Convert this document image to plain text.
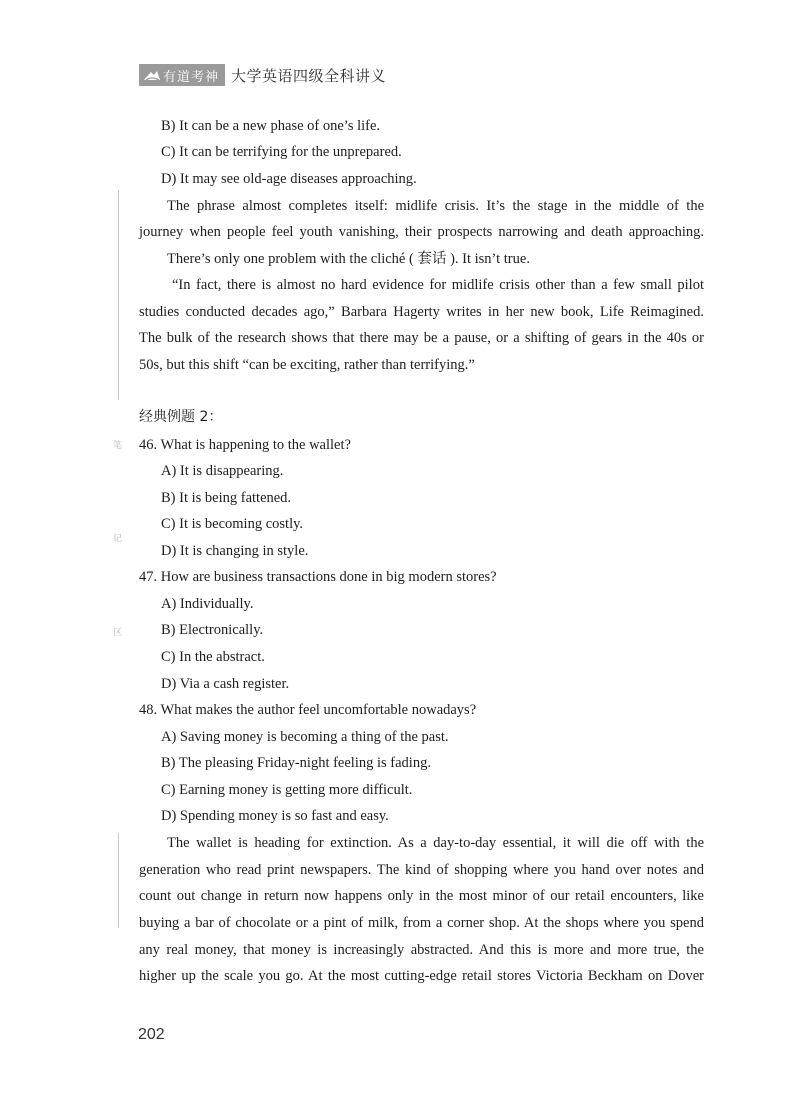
有道考神 大学英语四级全科讲义
笔
记
区
B) It can be a new phase of one’s life.
C) It can be terrifying for the unprepared.
D) It may see old-age diseases approaching.
The phrase almost completes itself: midlife crisis. It’s the stage in the middle of the
journey when people feel youth vanishing, their prospects narrowing and death approaching.
There’s only one problem with the cliché ( 套话 ). It isn’t true.
“In fact, there is almost no hard evidence for midlife crisis other than a few small pilot
studies conducted decades ago,” Barbara Hagerty writes in her new book, Life Reimagined.
The bulk of the research shows that there may be a pause, or a shifting of gears in the 40s or
50s, but this shift “can be exciting, rather than terrifying.”
经典例题 2：
46. What is happening to the wallet?
A) It is disappearing.
B) It is being fattened.
C) It is becoming costly.
D) It is changing in style.
47. How are business transactions done in big modern stores?
A) Individually.
B) Electronically.
C) In the abstract.
D) Via a cash register.
48. What makes the author feel uncomfortable nowadays?
A) Saving money is becoming a thing of the past.
B) The pleasing Friday-night feeling is fading.
C) Earning money is getting more difficult.
D) Spending money is so fast and easy.
The wallet is heading for extinction. As a day-to-day essential, it will die off with the
generation who read print newspapers. The kind of shopping where you hand over notes and
count out change in return now happens only in the most minor of our retail encounters, like
buying a bar of chocolate or a pint of milk, from a corner shop. At the shops where you spend
any real money, that money is increasingly abstracted. And this is more and more true, the
higher up the scale you go. At the most cutting-edge retail stores Victoria Beckham on Dover
202
